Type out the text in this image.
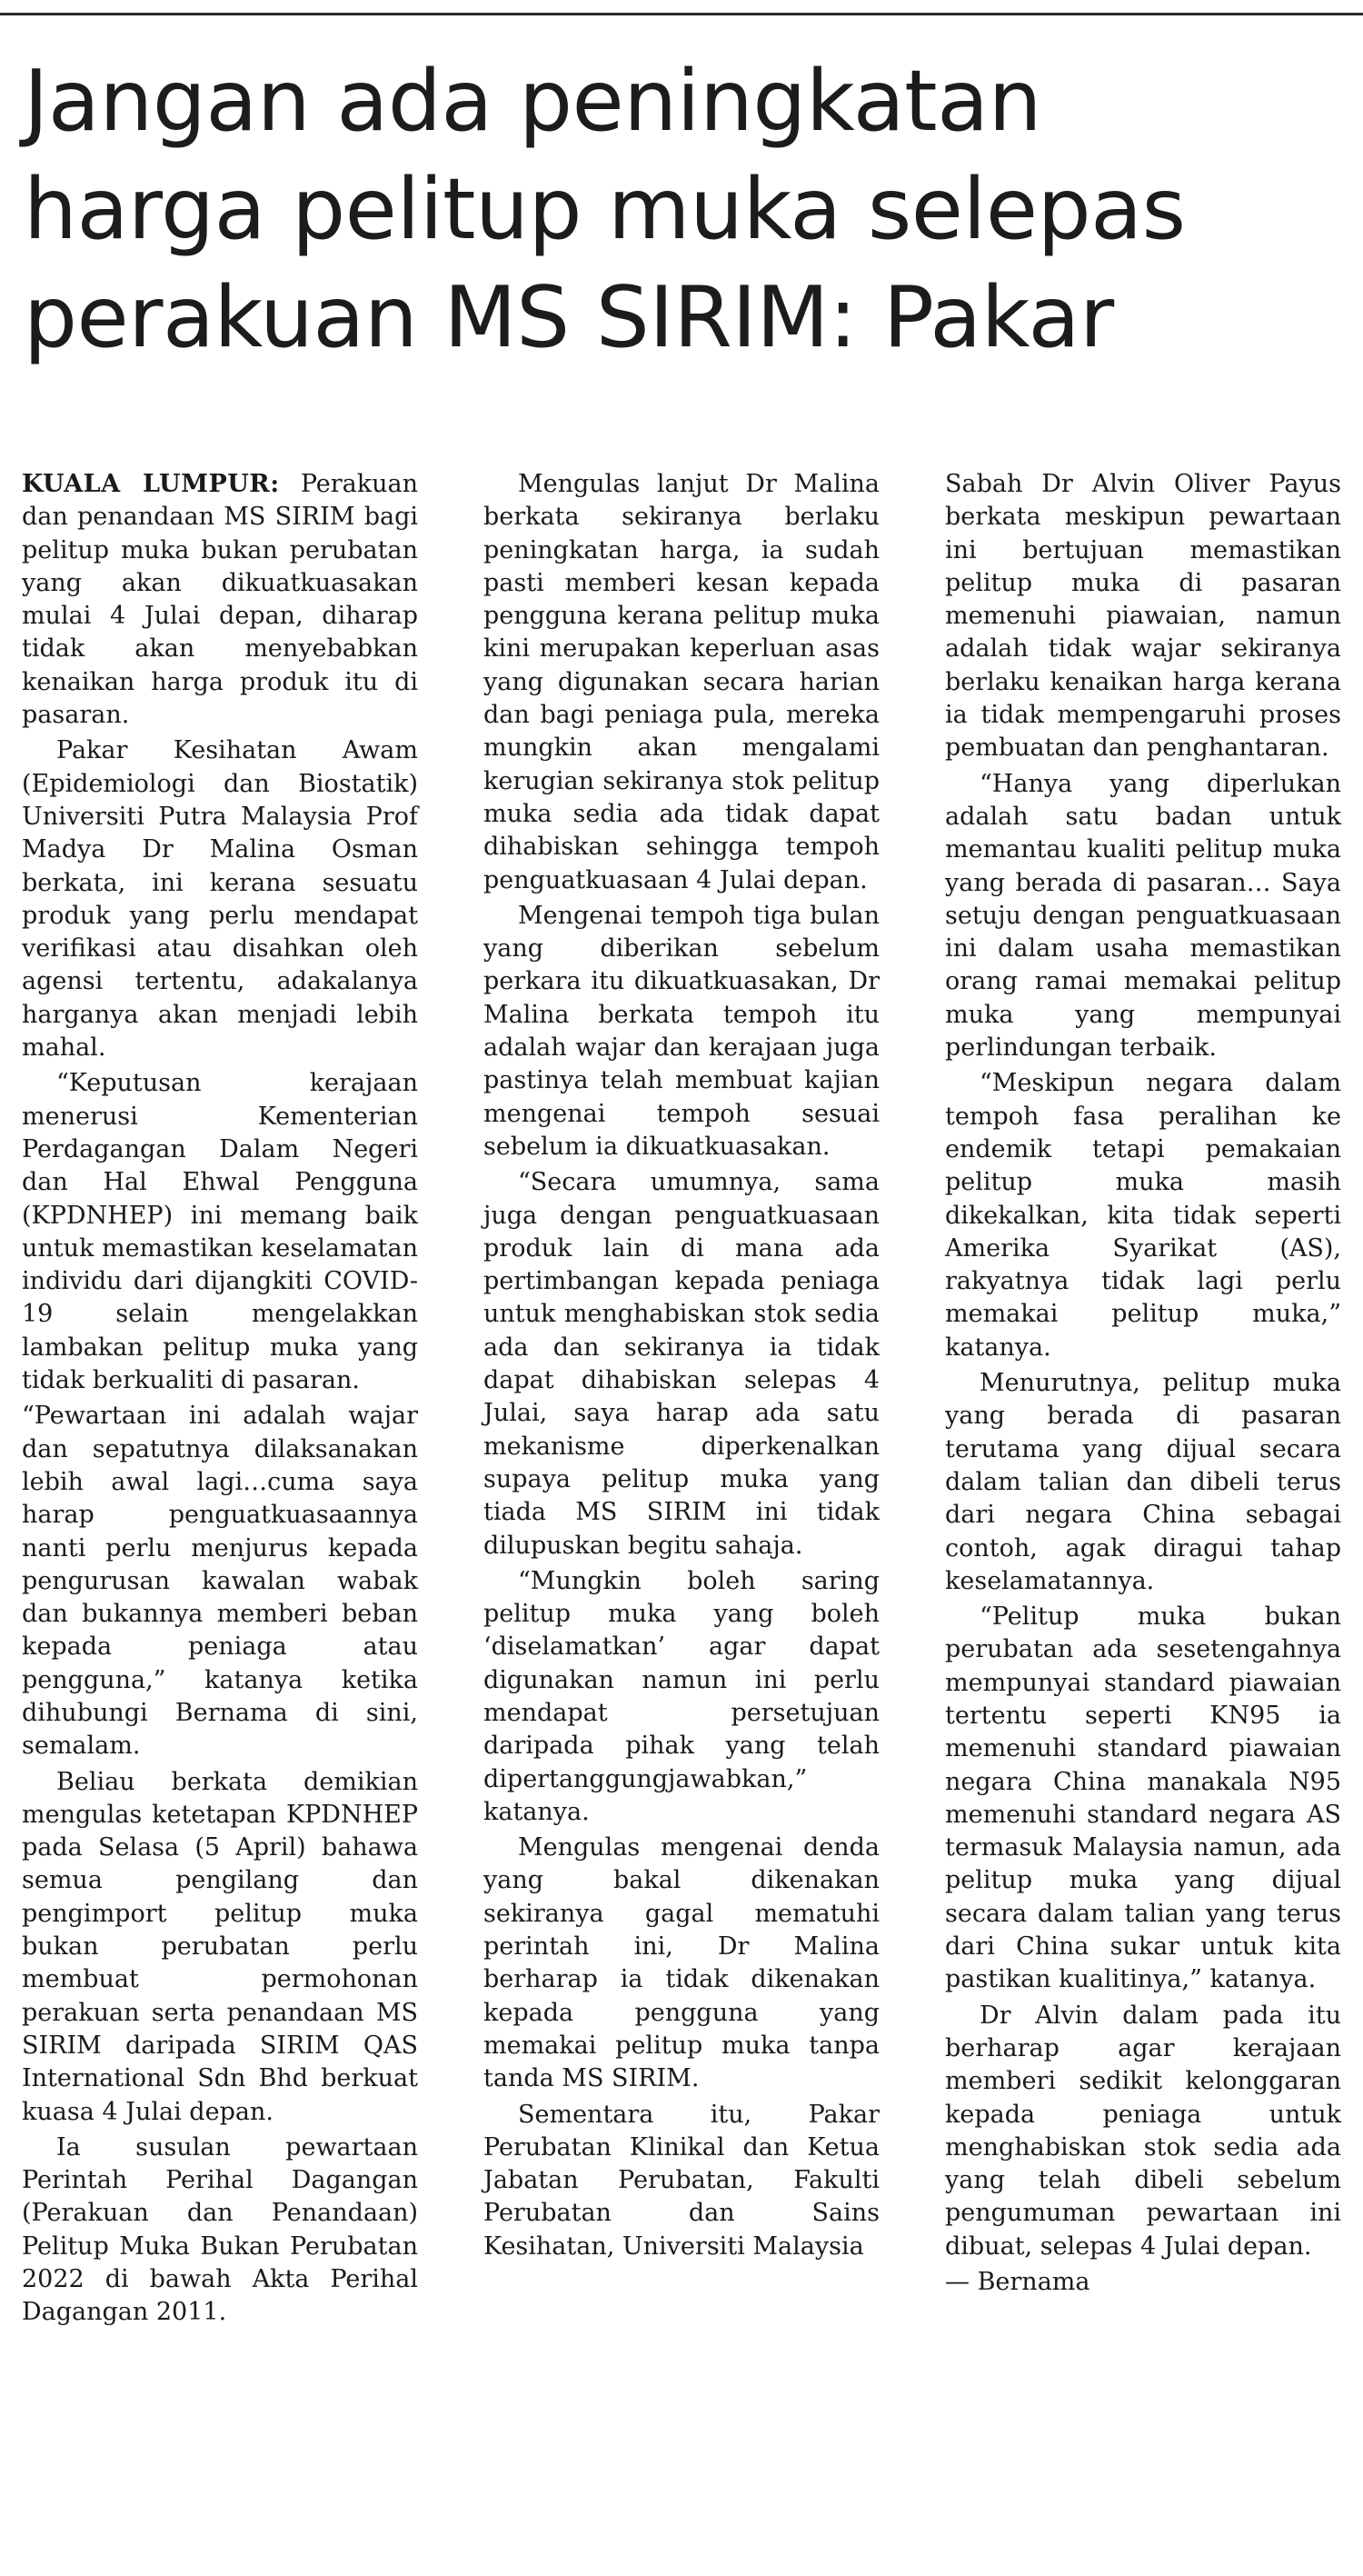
Jangan ada peningkatan
harga pelitup muka selepas
perakuan MS SIRIM: Pakar

KUALA LUMPUR: Perakuan dan penandaan MS SIRIM bagi pelitup muka bukan perubatan yang akan dikuatkuasakan mulai 4 Julai depan, diharap tidak akan menyebabkan kenaikan harga produk itu di pasaran.

Pakar Kesihatan Awam (Epidemiologi dan Biostatik) Universiti Putra Malaysia Prof Madya Dr Malina Osman berkata, ini kerana sesuatu produk yang perlu mendapat verifikasi atau disahkan oleh agensi tertentu, adakalanya harganya akan menjadi lebih mahal.

“Keputusan kerajaan menerusi Kementerian Perdagangan Dalam Negeri dan Hal Ehwal Pengguna (KPDNHEP) ini memang baik untuk memastikan keselamatan individu dari dijangkiti COVID-19 selain mengelakkan lambakan pelitup muka yang tidak berkualiti di pasaran.

“Pewartaan ini adalah wajar dan sepatutnya dilaksanakan lebih awal lagi…cuma saya harap penguatkuasaannya nanti perlu menjurus kepada pengurusan kawalan wabak dan bukannya memberi beban kepada peniaga atau pengguna,” katanya ketika dihubungi Bernama di sini, semalam.

Beliau berkata demikian mengulas ketetapan KPDNHEP pada Selasa (5 April) bahawa semua pengilang dan pengimport pelitup muka bukan perubatan perlu membuat permohonan perakuan serta penandaan MS SIRIM daripada SIRIM QAS International Sdn Bhd berkuat kuasa 4 Julai depan.

Ia susulan pewartaan Perintah Perihal Dagangan (Perakuan dan Penandaan) Pelitup Muka Bukan Perubatan 2022 di bawah Akta Perihal Dagangan 2011.

Mengulas lanjut Dr Malina berkata sekiranya berlaku peningkatan harga, ia sudah pasti memberi kesan kepada pengguna kerana pelitup muka kini merupakan keperluan asas yang digunakan secara harian dan bagi peniaga pula, mereka mungkin akan mengalami kerugian sekiranya stok pelitup muka sedia ada tidak dapat dihabiskan sehingga tempoh penguatkuasaan 4 Julai depan.

Mengenai tempoh tiga bulan yang diberikan sebelum perkara itu dikuatkuasakan, Dr Malina berkata tempoh itu adalah wajar dan kerajaan juga pastinya telah membuat kajian mengenai tempoh sesuai sebelum ia dikuatkuasakan.

“Secara umumnya, sama juga dengan penguatkuasaan produk lain di mana ada pertimbangan kepada peniaga untuk menghabiskan stok sedia ada dan sekiranya ia tidak dapat dihabiskan selepas 4 Julai, saya harap ada satu mekanisme diperkenalkan supaya pelitup muka yang tiada MS SIRIM ini tidak dilupuskan begitu sahaja.

“Mungkin boleh saring pelitup muka yang boleh ‘diselamatkan’ agar dapat digunakan namun ini perlu mendapat persetujuan daripada pihak yang telah dipertanggungjawabkan,” katanya.

Mengulas mengenai denda yang bakal dikenakan sekiranya gagal mematuhi perintah ini, Dr Malina berharap ia tidak dikenakan kepada pengguna yang memakai pelitup muka tanpa tanda MS SIRIM.

Sementara itu, Pakar Perubatan Klinikal dan Ketua Jabatan Perubatan, Fakulti Perubatan dan Sains Kesihatan, Universiti Malaysia

Sabah Dr Alvin Oliver Payus berkata meskipun pewartaan ini bertujuan memastikan pelitup muka di pasaran memenuhi piawaian, namun adalah tidak wajar sekiranya berlaku kenaikan harga kerana ia tidak mempengaruhi proses pembuatan dan penghantaran.

“Hanya yang diperlukan adalah satu badan untuk memantau kualiti pelitup muka yang berada di pasaran… Saya setuju dengan penguatkuasaan ini dalam usaha memastikan orang ramai memakai pelitup muka yang mempunyai perlindungan terbaik.

“Meskipun negara dalam tempoh fasa peralihan ke endemik tetapi pemakaian pelitup muka masih dikekalkan, kita tidak seperti Amerika Syarikat (AS), rakyatnya tidak lagi perlu memakai pelitup muka,” katanya.

Menurutnya, pelitup muka yang berada di pasaran terutama yang dijual secara dalam talian dan dibeli terus dari negara China sebagai contoh, agak diragui tahap keselamatannya.

“Pelitup muka bukan perubatan ada sesetengahnya mempunyai standard piawaian tertentu seperti KN95 ia memenuhi standard piawaian negara China manakala N95 memenuhi standard negara AS termasuk Malaysia namun, ada pelitup muka yang dijual secara dalam talian yang terus dari China sukar untuk kita pastikan kualitinya,” katanya.

Dr Alvin dalam pada itu berharap agar kerajaan memberi sedikit kelonggaran kepada peniaga untuk menghabiskan stok sedia ada yang telah dibeli sebelum pengumuman pewartaan ini dibuat, selepas 4 Julai depan.

— Bernama
